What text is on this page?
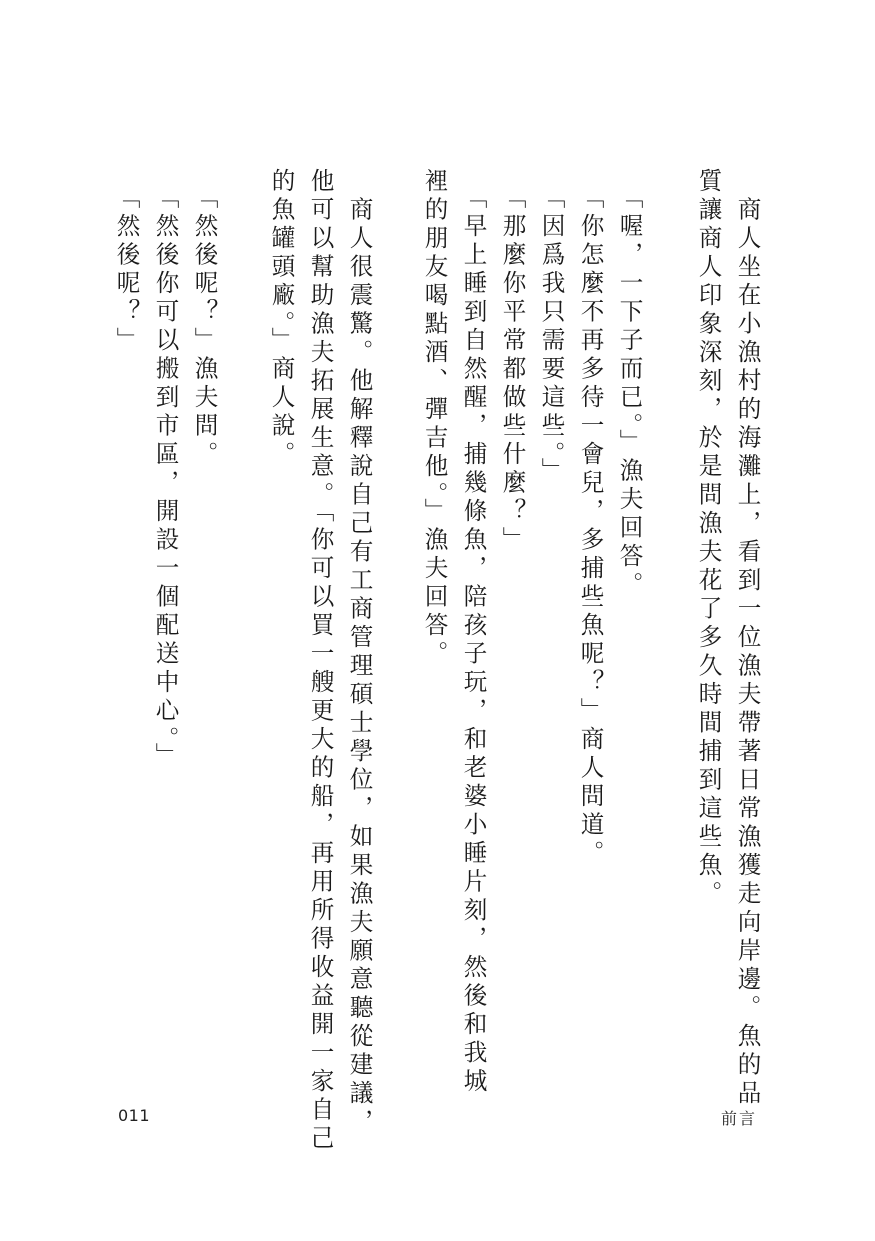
　商人坐在小漁村的海灘上，看到一位漁夫帶著日常漁獲走向岸邊。魚的品

質讓商人印象深刻，於是問漁夫花了多久時間捕到這些魚。

　「喔，一下子而已。」漁夫回答。

　「你怎麼不再多待一會兒，多捕些魚呢？」商人問道。

　「因爲我只需要這些。」

　「那麼你平常都做些什麼？」

　「早上睡到自然醒，捕幾條魚，陪孩子玩，和老婆小睡片刻，然後和我城

裡的朋友喝點酒、彈吉他。」漁夫回答。

　商人很震驚。他解釋說自己有工商管理碩士學位，如果漁夫願意聽從建議，

他可以幫助漁夫拓展生意。「你可以買一艘更大的船，再用所得收益開一家自己

的魚罐頭廠。」商人說。

　「然後呢？」漁夫問。

　「然後你可以搬到市區，開設一個配送中心。」

　「然後呢？」

011	前言
